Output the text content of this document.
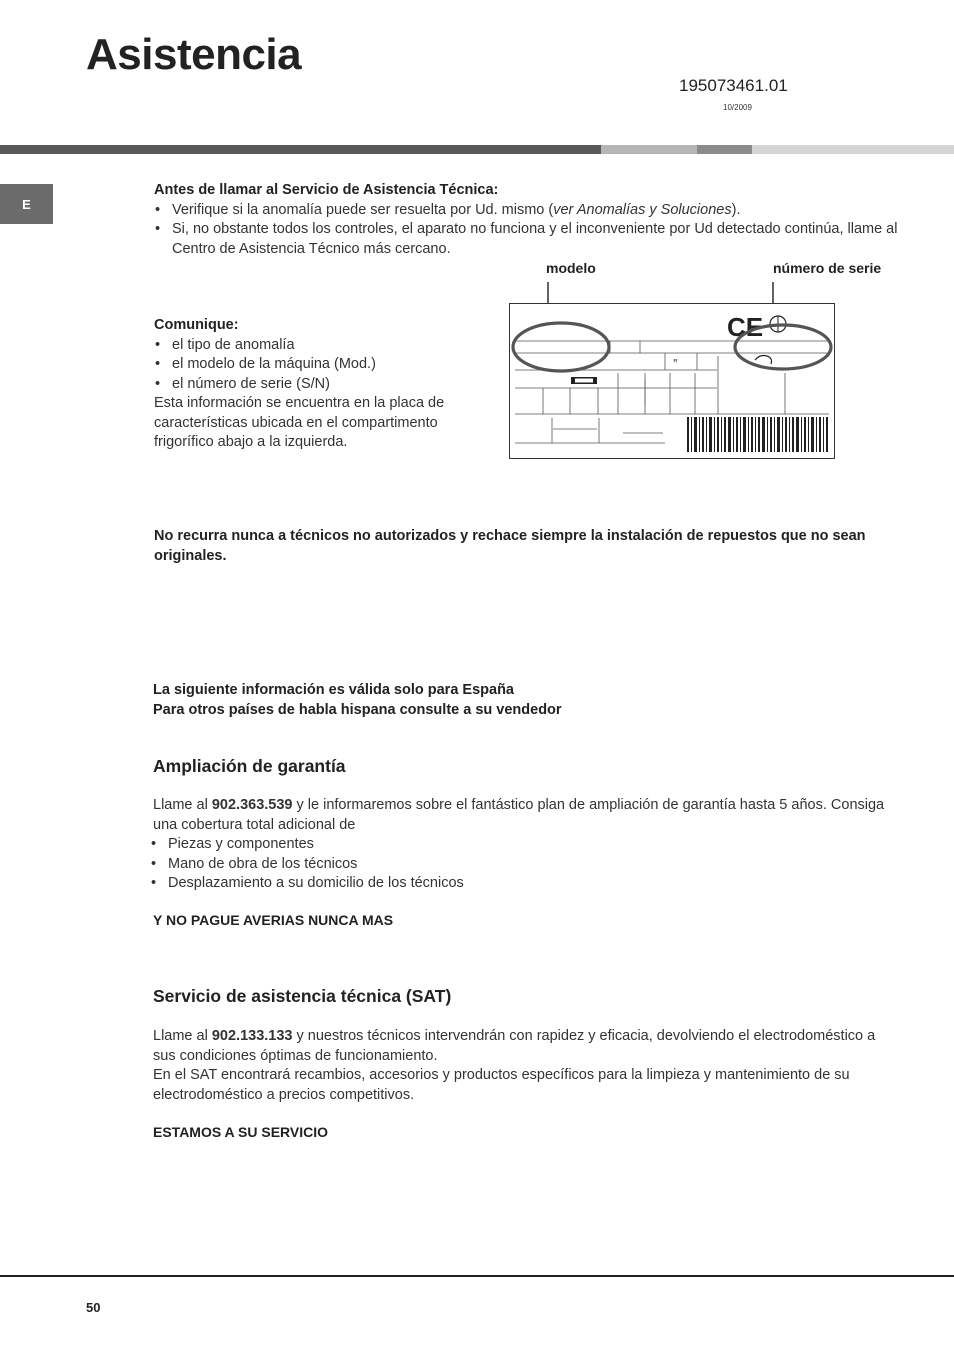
Asistencia
195073461.01
10/2009
E
Antes de llamar al Servicio de Asistencia Técnica:
• Verifique si la anomalía puede ser resuelta por Ud. mismo (ver Anomalías y Soluciones).
• Si, no obstante todos los controles, el aparato no funciona y el inconveniente por Ud detectado continúa, llame al Centro de Asistencia Técnico más cercano.
modelo	número de serie
Comunique:
• el tipo de anomalía
• el modelo de la máquina (Mod.)
• el número de serie (S/N)
Esta información se encuentra en la placa de características ubicada en el compartimento frigorífico abajo a la izquierda.
CE
ꟸ
No recurra nunca a técnicos no autorizados y rechace siempre la instalación de repuestos que no sean originales.
La siguiente información es válida solo para España
Para otros países de habla hispana consulte a su vendedor
Ampliación de garantía
Llame al 902.363.539 y le informaremos sobre el fantástico plan de ampliación de garantía hasta 5 años. Consiga una cobertura total adicional de
• Piezas y componentes
• Mano de obra de los técnicos
• Desplazamiento a su domicilio de los técnicos
Y NO PAGUE AVERIAS NUNCA MAS
Servicio de asistencia técnica (SAT)
Llame al 902.133.133 y nuestros técnicos intervendrán con rapidez y eficacia, devolviendo el electrodoméstico a sus condiciones óptimas de funcionamiento.
En el SAT encontrará recambios, accesorios y productos específicos para la limpieza y mantenimiento de su electrodoméstico a precios competitivos.
ESTAMOS A SU SERVICIO
50
